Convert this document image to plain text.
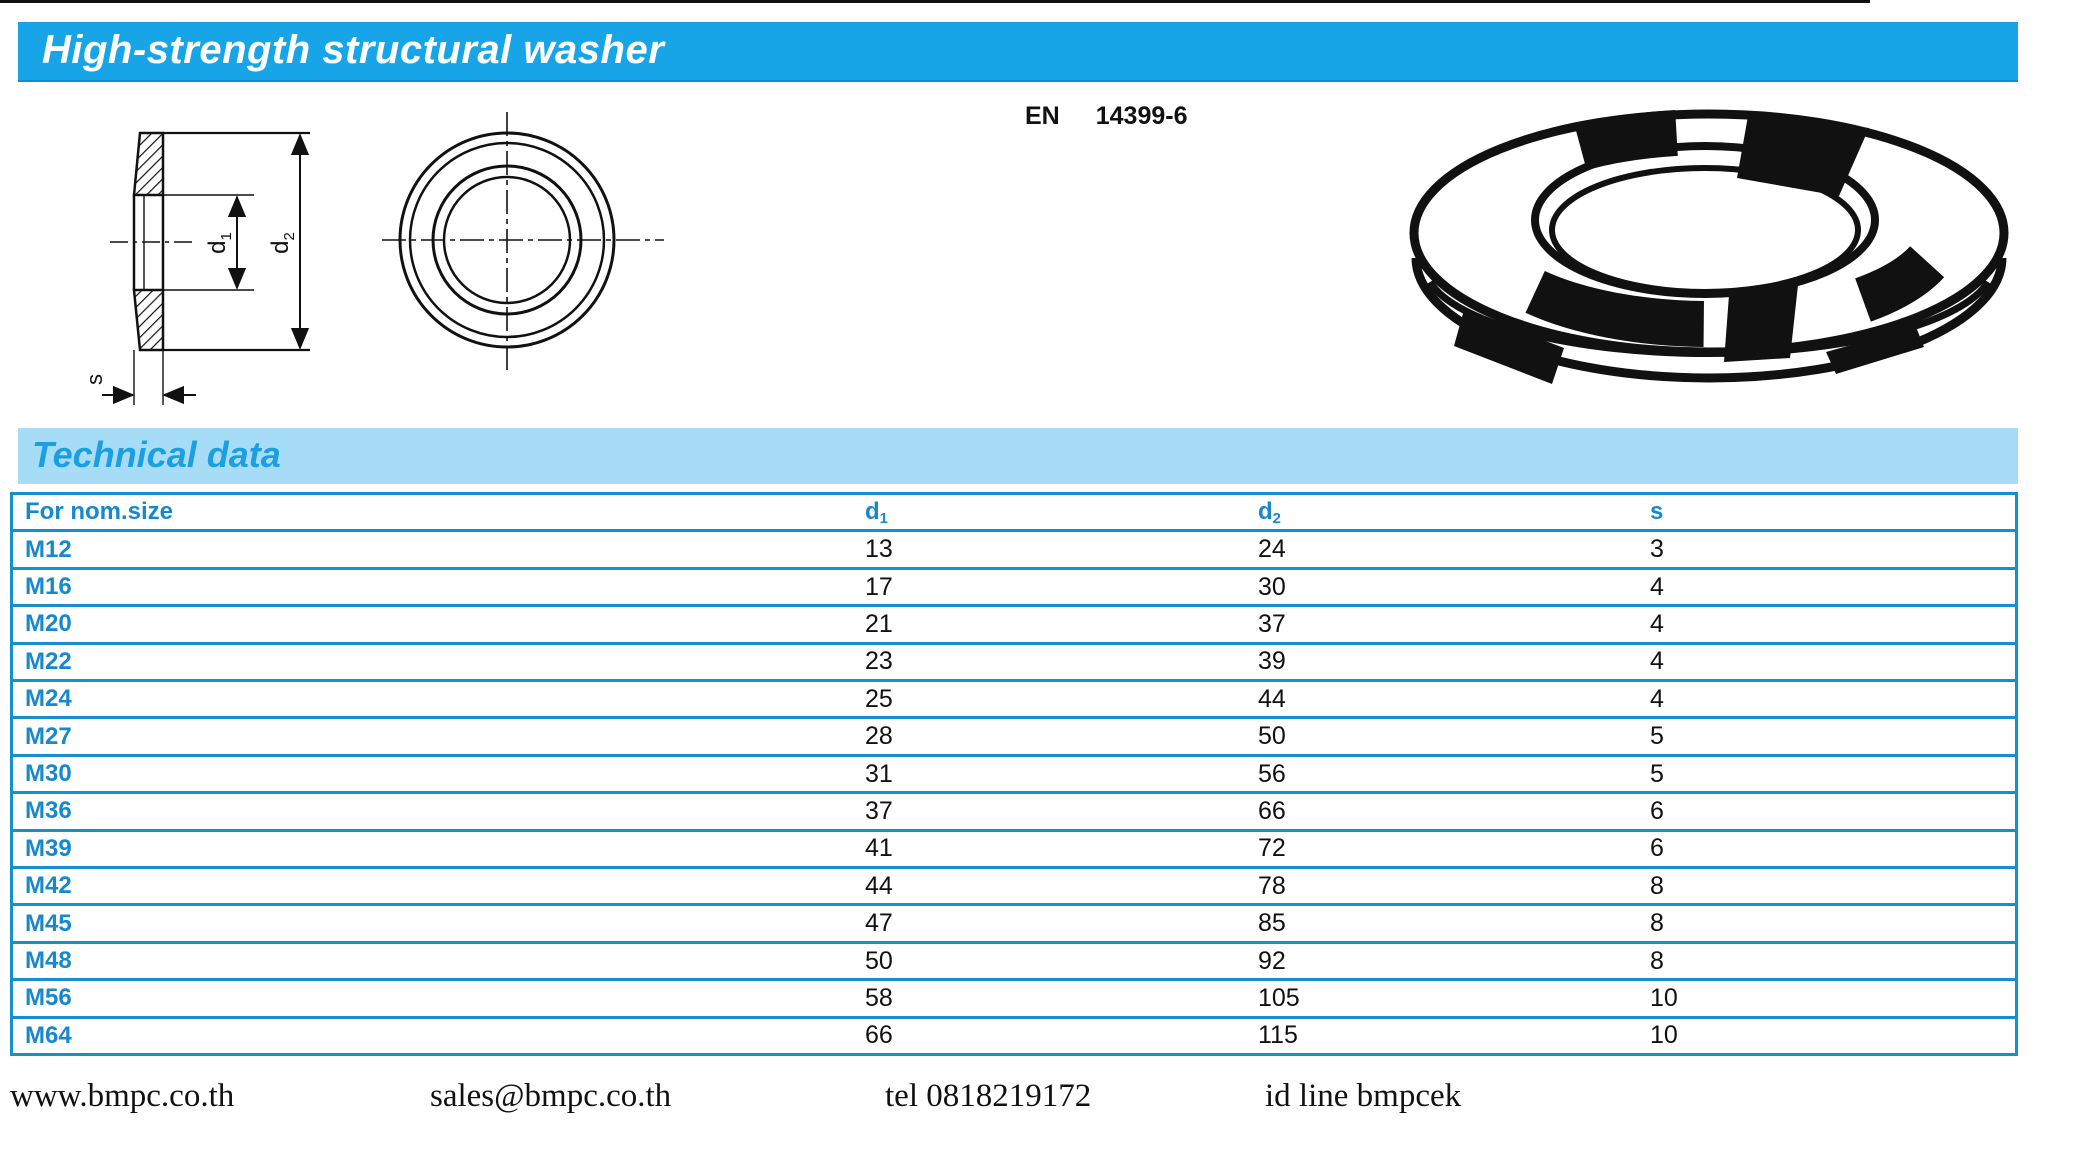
High-strength structural washer
$d_1$
$d_2$
s
EN 14399-6
Technical data
For nom.size	$d_1$	$d_2$	s
M12	13	24	3
M16	17	30	4
M20	21	37	4
M22	23	39	4
M24	25	44	4
M27	28	50	5
M30	31	56	5
M36	37	66	6
M39	41	72	6
M42	44	78	8
M45	47	85	8
M48	50	92	8
M56	58	105	10
M64	66	115	10
www.bmpc.co.th	sales@bmpc.co.th	tel 0818219172	id line bmpcek
